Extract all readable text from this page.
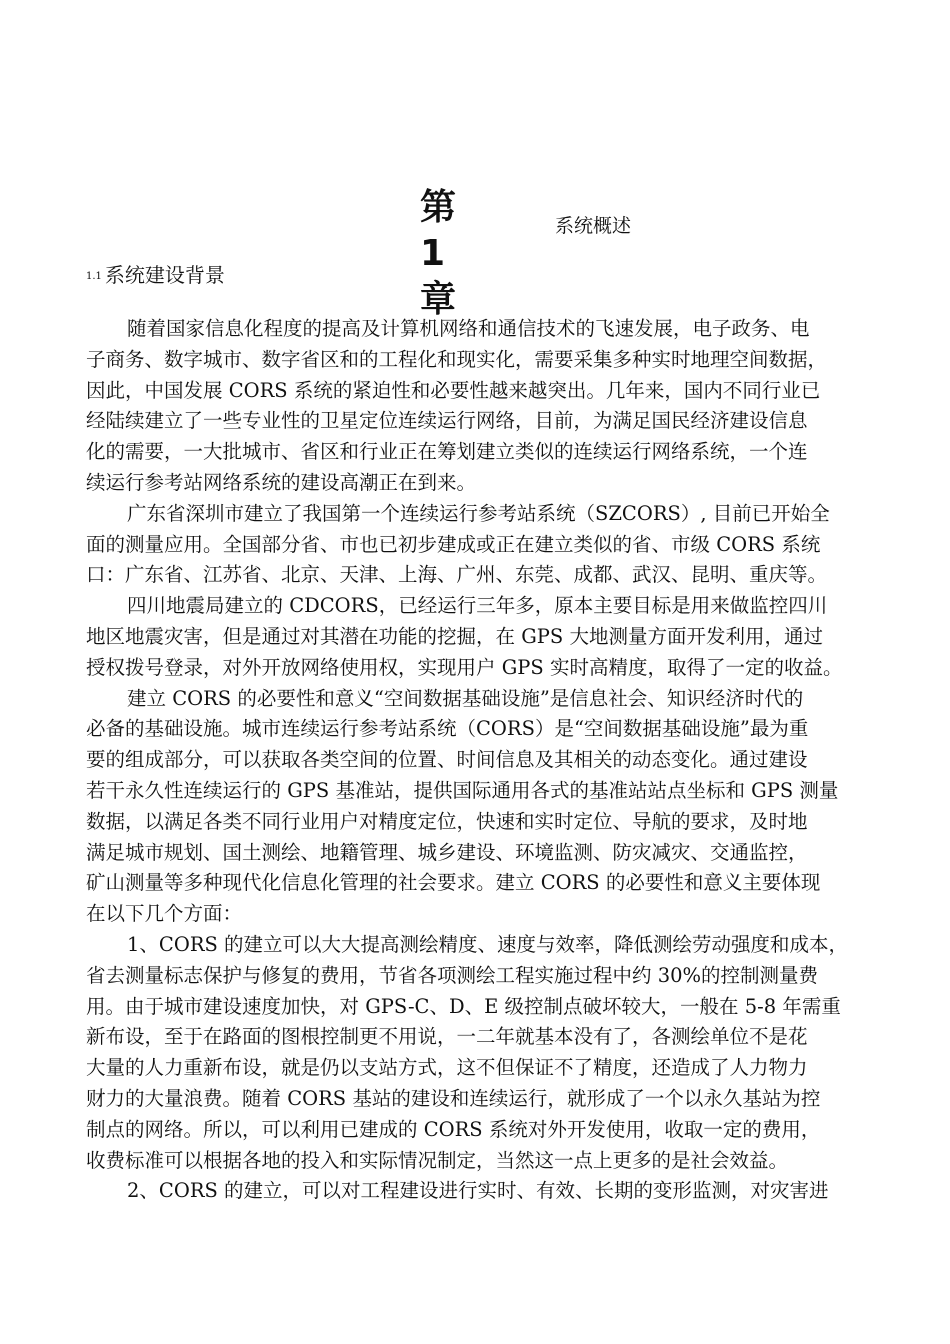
第 1
章
系统概述
$^{1.1}$ 系统建设背景
随着国家信息化程度的提高及计算机网络和通信技术的飞速发展，电子政务、电
子商务、数字城市、数字省区和的工程化和现实化，需要采集多种实时地理空间数据，
因此，中国发展 CORS 系统的紧迫性和必要性越来越突出。几年来，国内不同行业已
经陆续建立了一些专业性的卫星定位连续运行网络，目前，为满足国民经济建设信息
化的需要，一大批城市、省区和行业正在筹划建立类似的连续运行网络系统，一个连
续运行参考站网络系统的建设高潮正在到来。
广东省深圳市建立了我国第一个连续运行参考站系统（SZCORS）, 目前已开始全
面的测量应用。全国部分省、市也已初步建成或正在建立类似的省、市级 CORS 系统
口：广东省、江苏省、北京、天津、上海、广州、东莞、成都、武汉、昆明、重庆等。
四川地震局建立的 CDCORS，已经运行三年多，原本主要目标是用来做监控四川
地区地震灾害，但是通过对其潜在功能的挖掘，在 GPS 大地测量方面开发利用，通过
授权拨号登录，对外开放网络使用权，实现用户 GPS 实时高精度，取得了一定的收益。
建立 CORS 的必要性和意义“空间数据基础设施”是信息社会、知识经济时代的
必备的基础设施。城市连续运行参考站系统（CORS）是“空间数据基础设施”最为重
要的组成部分，可以获取各类空间的位置、时间信息及其相关的动态变化。通过建设
若干永久性连续运行的 GPS 基准站，提供国际通用各式的基准站站点坐标和 GPS 测量
数据，以满足各类不同行业用户对精度定位，快速和实时定位、导航的要求，及时地
满足城市规划、国土测绘、地籍管理、城乡建设、环境监测、防灾减灾、交通监控，
矿山测量等多种现代化信息化管理的社会要求。建立 CORS 的必要性和意义主要体现
在以下几个方面：
1、CORS 的建立可以大大提高测绘精度、速度与效率，降低测绘劳动强度和成本，
省去测量标志保护与修复的费用，节省各项测绘工程实施过程中约 30%的控制测量费
用。由于城市建设速度加快，对 GPS-C、D、E 级控制点破坏较大，一般在 5-8 年需重
新布设，至于在路面的图根控制更不用说，一二年就基本没有了，各测绘单位不是花
大量的人力重新布设，就是仍以支站方式，这不但保证不了精度，还造成了人力物力
财力的大量浪费。随着 CORS 基站的建设和连续运行，就形成了一个以永久基站为控
制点的网络。所以，可以利用已建成的 CORS 系统对外开发使用，收取一定的费用，
收费标准可以根据各地的投入和实际情况制定，当然这一点上更多的是社会效益。
2、CORS 的建立，可以对工程建设进行实时、有效、长期的变形监测，对灾害进
